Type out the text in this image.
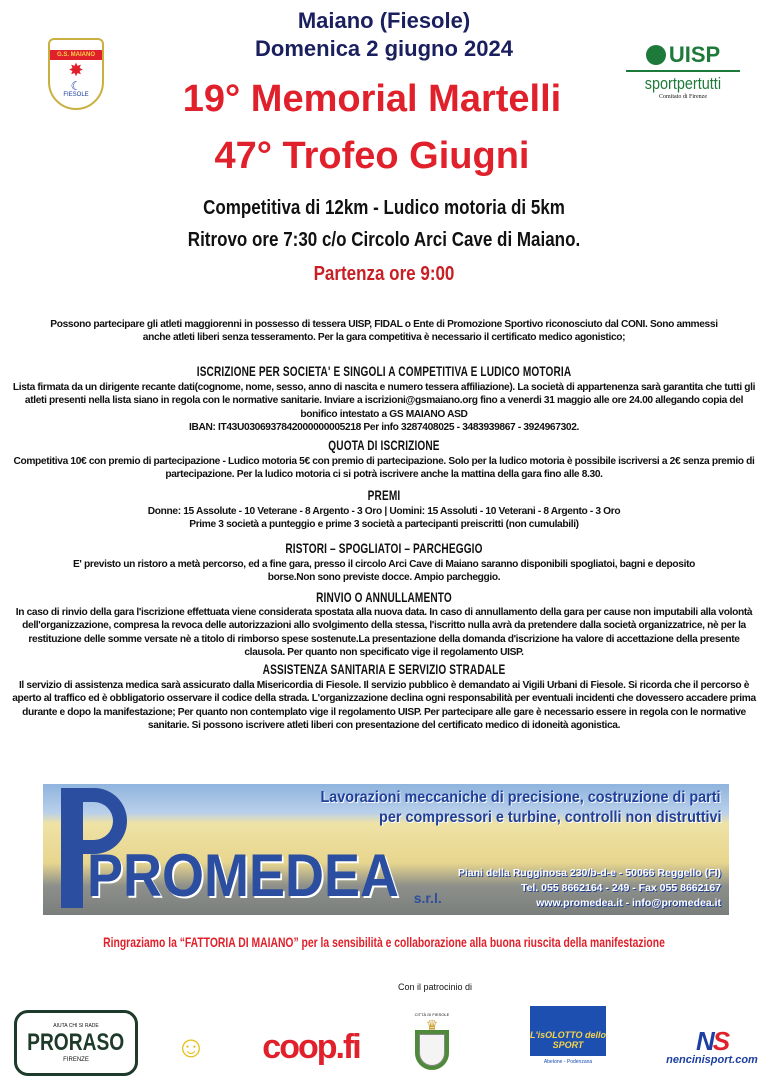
G.S. MAIANO
✸
☾
FIESOLE
UISP
sportpertutti
Comitato di Firenze
Maiano (Fiesole)
Domenica 2 giugno 2024
19° Memorial Martelli
47° Trofeo Giugni
Competitiva di 12km - Ludico motoria di 5km
Ritrovo ore 7:30 c/o Circolo Arci Cave di Maiano.
Partenza ore 9:00
Possono partecipare gli atleti maggiorenni in possesso di tessera UISP, FIDAL o Ente di Promozione Sportivo riconosciuto dal CONI. Sono ammessi anche atleti liberi senza tesseramento. Per la gara competitiva è necessario il certificato medico agonistico;
ISCRIZIONE PER SOCIETA' E SINGOLI A COMPETITIVA E LUDICO MOTORIA
Lista firmata da un dirigente recante dati(cognome, nome, sesso, anno di nascita e numero tessera affiliazione). La società di appartenenza sarà garantita che tutti gli atleti presenti nella lista siano in regola con le normative sanitarie. Inviare a iscrizioni@gsmaiano.org fino a venerdi 31 maggio alle ore 24.00 allegando copia del bonifico intestato a GS MAIANO ASD
IBAN: IT43U0306937842000000005218 Per info 3287408025 - 3483939867 - 3924967302.
QUOTA DI ISCRIZIONE
Competitiva 10€ con premio di partecipazione - Ludico motoria 5€ con premio di partecipazione. Solo per la ludico motoria è possibile iscriversi a 2€ senza premio di partecipazione. Per la ludico motoria ci si potrà iscrivere anche la mattina della gara fino alle 8.30.
PREMI
Donne: 15 Assolute - 10 Veterane - 8 Argento - 3 Oro | Uomini: 15 Assoluti - 10 Veterani - 8 Argento - 3 Oro
Prime 3 società a punteggio e prime 3 società a partecipanti preiscritti (non cumulabili)
RISTORI – SPOGLIATOI – PARCHEGGIO
E' previsto un ristoro a metà percorso, ed a fine gara, presso il circolo Arci Cave di Maiano saranno disponibili spogliatoi, bagni e deposito borse.Non sono previste docce. Ampio parcheggio.
RINVIO O ANNULLAMENTO
In caso di rinvio della gara l'iscrizione effettuata viene considerata spostata alla nuova data. In caso di annullamento della gara per cause non imputabili alla volontà dell'organizzazione, compresa la revoca delle autorizzazioni allo svolgimento della stessa, l'iscritto nulla avrà da pretendere dalla società organizzatrice, nè per la restituzione delle somme versate nè a titolo di rimborso spese sostenute.La presentazione della domanda d'iscrizione ha valore di accettazione della presente clausola. Per quanto non specificato vige il regolamento UISP.
ASSISTENZA SANITARIA E SERVIZIO STRADALE
Il servizio di assistenza medica sarà assicurato dalla Misericordia di Fiesole. Il servizio pubblico è demandato ai Vigili Urbani di Fiesole. Si ricorda che il percorso è aperto al traffico ed è obbligatorio osservare il codice della strada. L'organizzazione declina ogni responsabilità per eventuali incidenti che dovessero accadere prima durante e dopo la manifestazione; Per quanto non contemplato vige il regolamento UISP. Per partecipare alle gare è necessario essere in regola con le normative sanitarie. Si possono iscrivere atleti liberi con presentazione del certificato medico di idoneità agonistica.
Lavorazioni meccaniche di precisione, costruzione di parti
per compressori e turbine, controlli non distruttivi
PROMEDEA s.r.l.
Piani della Rugginosa 230/b-d-e - 50066 Reggello (FI)
Tel. 055 8662164 - 249 - Fax 055 8662167
www.promedea.it - info@promedea.it
Ringraziamo la “FATTORIA DI MAIANO” per la sensibilità e collaborazione alla buona riuscita della manifestazione
AIUTA CHI SI RADE
PRORASO
FIRENZE	☺	coop.fi
Con il patrocinio di
CITTÀ DI FIESOLE
♛
L'isOLOTTO dello SPORT
Abetone - Podenzana
NS
nencinisport.com
